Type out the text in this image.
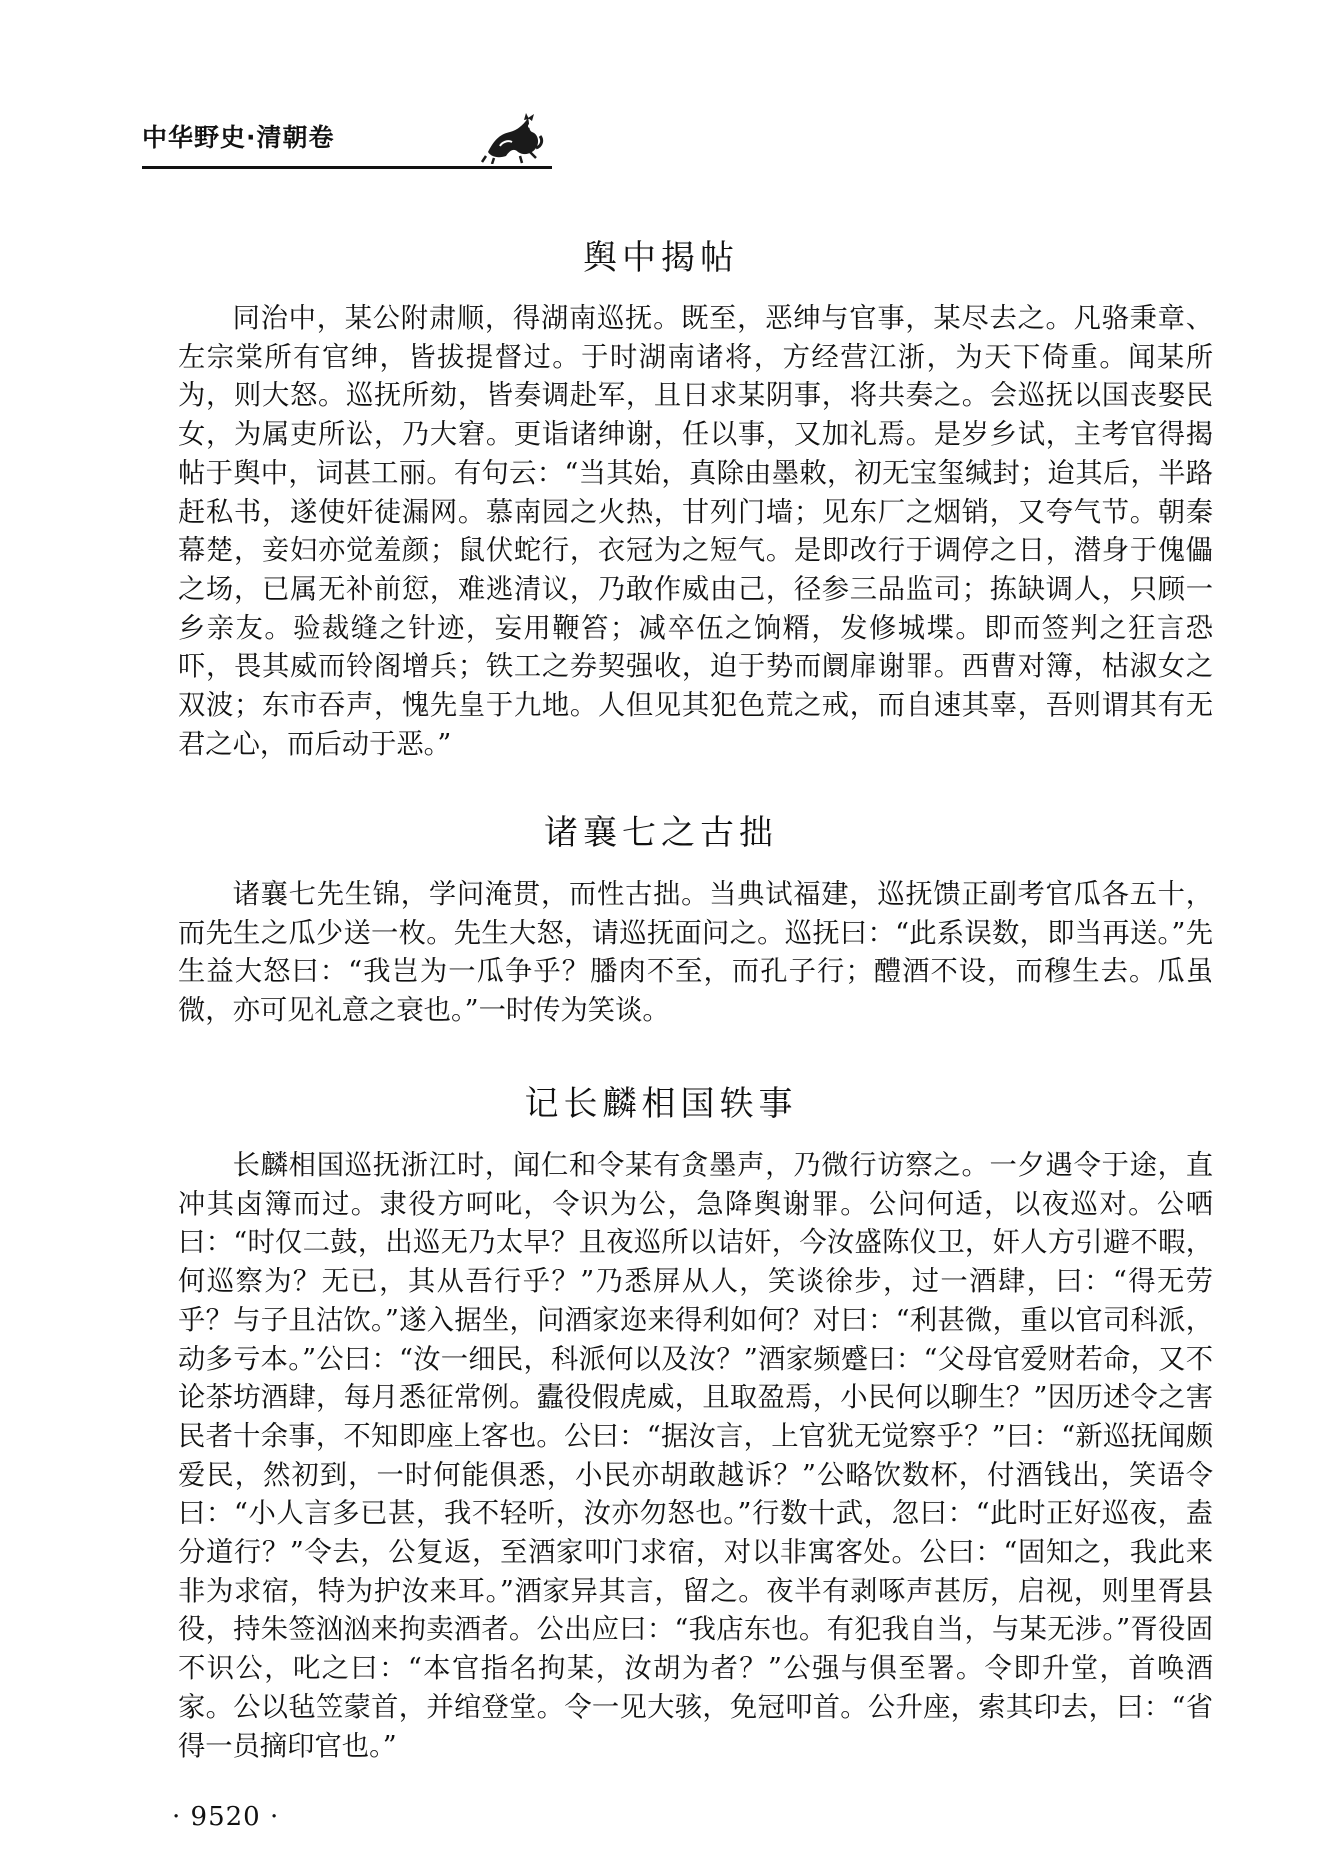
中华野史·清朝卷
舆中揭帖

同治中，某公附肃顺，得湖南巡抚。既至，恶绅与官事，某尽去之。凡骆秉章、左宗棠所有官绅，皆拔提督过。于时湖南诸将，方经营江浙，为天下倚重。闻某所为，则大怒。巡抚所劾，皆奏调赴军，且日求某阴事，将共奏之。会巡抚以国丧娶民女，为属吏所讼，乃大窘。更诣诸绅谢，任以事，又加礼焉。是岁乡试，主考官得揭帖于舆中，词甚工丽。有句云：“当其始，真除由墨敕，初无宝玺缄封；迨其后，半路赶私书，遂使奸徒漏网。慕南园之火热，甘列门墙；见东厂之烟销，又夸气节。朝秦幕楚，妾妇亦觉羞颜；鼠伏蛇行，衣冠为之短气。是即改行于调停之日，潜身于傀儡之场，已属无补前愆，难逃清议，乃敢作威由己，径参三品监司；拣缺调人，只顾一乡亲友。验裁缝之针迹，妄用鞭笞；减卒伍之饷糈，发修城堞。即而签判之狂言恐吓，畏其威而铃阁增兵；铁工之券契强收，迫于势而阛扉谢罪。西曹对簿，枯淑女之双波；东市吞声，愧先皇于九地。人但见其犯色荒之戒，而自速其辜，吾则谓其有无君之心，而后动于恶。”

诸襄七之古拙

诸襄七先生锦，学问淹贯，而性古拙。当典试福建，巡抚馈正副考官瓜各五十，而先生之瓜少送一枚。先生大怒，请巡抚面问之。巡抚曰：“此系误数，即当再送。”先生益大怒曰：“我岂为一瓜争乎？膰肉不至，而孔子行；醴酒不设，而穆生去。瓜虽微，亦可见礼意之衰也。”一时传为笑谈。

记长麟相国轶事

长麟相国巡抚浙江时，闻仁和令某有贪墨声，乃微行访察之。一夕遇令于途，直冲其卤簿而过。隶役方呵叱，令识为公，急降舆谢罪。公问何适，以夜巡对。公哂曰：“时仅二鼓，出巡无乃太早？且夜巡所以诘奸，今汝盛陈仪卫，奸人方引避不暇，何巡察为？无已，其从吾行乎？”乃悉屏从人，笑谈徐步，过一酒肆，曰：“得无劳乎？与子且沽饮。”遂入据坐，问酒家迩来得利如何？对曰：“利甚微，重以官司科派，动多亏本。”公曰：“汝一细民，科派何以及汝？”酒家频蹙曰：“父母官爱财若命，又不论茶坊酒肆，每月悉征常例。蠹役假虎威，且取盈焉，小民何以聊生？”因历述令之害民者十余事，不知即座上客也。公曰：“据汝言，上官犹无觉察乎？”曰：“新巡抚闻颇爱民，然初到，一时何能俱悉，小民亦胡敢越诉？”公略饮数杯，付酒钱出，笑语令曰：“小人言多已甚，我不轻听，汝亦勿怒也。”行数十武，忽曰：“此时正好巡夜，盍分道行？”令去，公复返，至酒家叩门求宿，对以非寓客处。公曰：“固知之，我此来非为求宿，特为护汝来耳。”酒家异其言，留之。夜半有剥啄声甚厉，启视，则里胥县役，持朱签汹汹来拘卖酒者。公出应曰：“我店东也。有犯我自当，与某无涉。”胥役固不识公，叱之曰：“本官指名拘某，汝胡为者？”公强与俱至署。令即升堂，首唤酒家。公以毡笠蒙首，并绾登堂。令一见大骇，免冠叩首。公升座，索其印去，曰：“省得一员摘印官也。”

· 9520 ·
